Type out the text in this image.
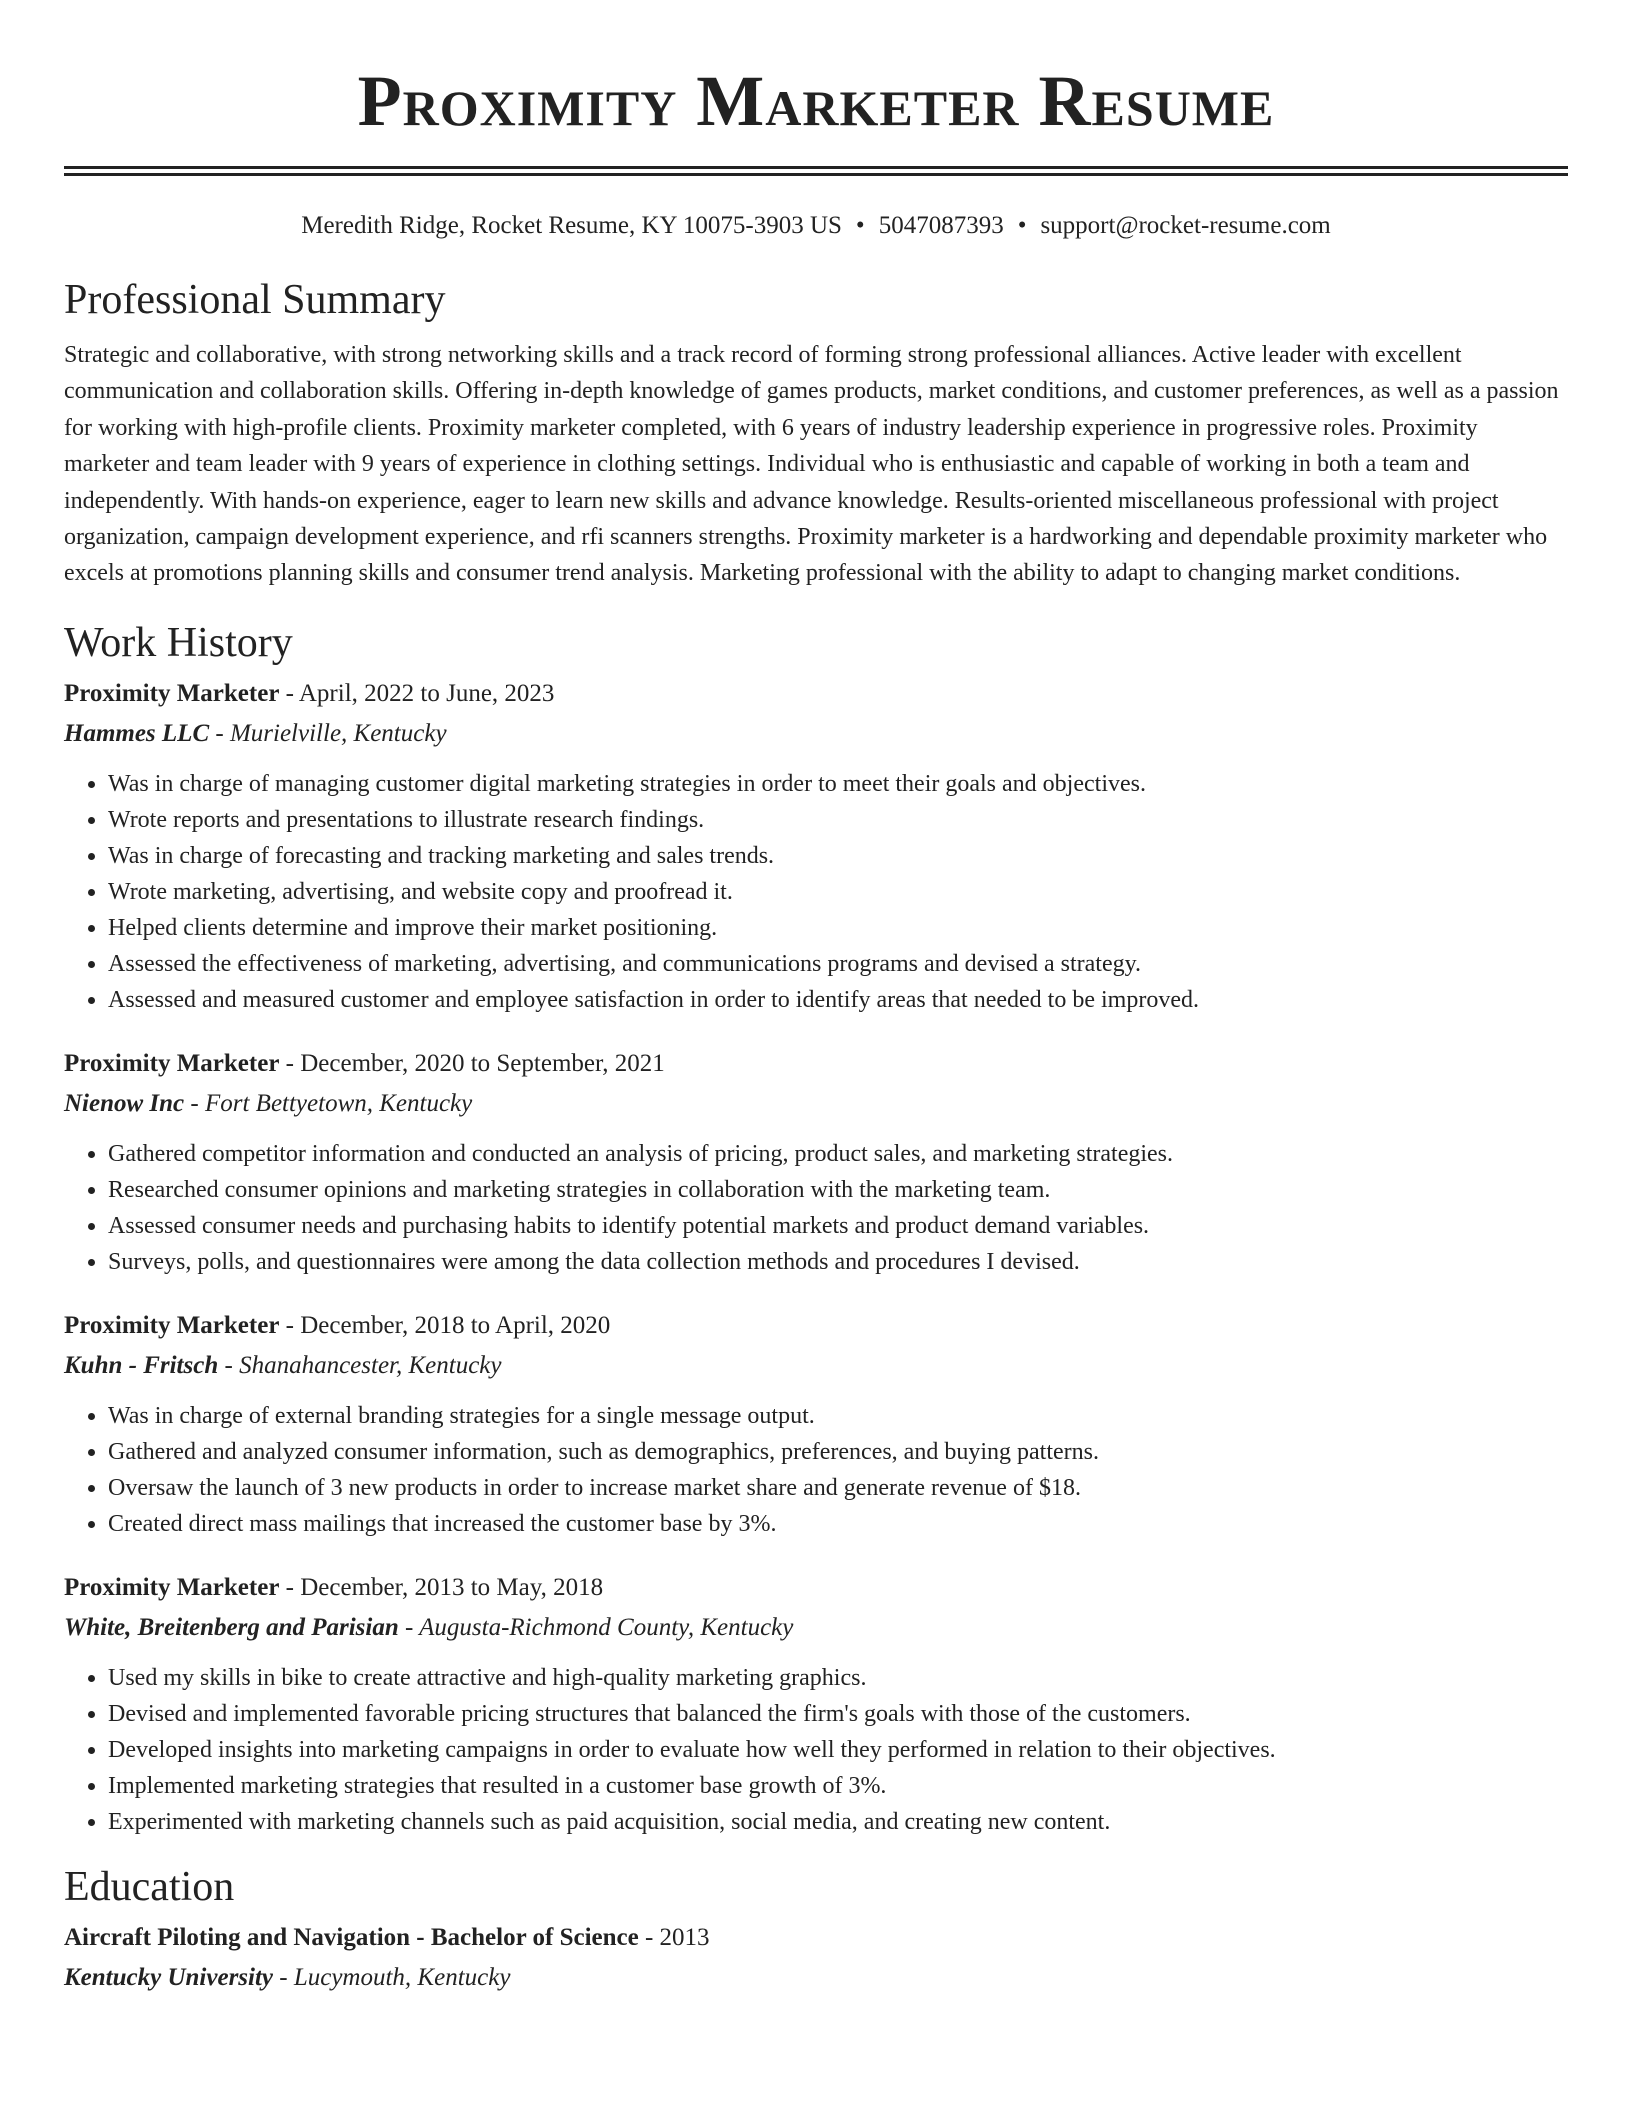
Proximity Marketer Resume
Meredith Ridge, Rocket Resume, KY 10075-3903 US • 5047087393 • support@rocket-resume.com
Professional Summary

Strategic and collaborative, with strong networking skills and a track record of forming strong professional alliances. Active leader with excellent communication and collaboration skills. Offering in-depth knowledge of games products, market conditions, and customer preferences, as well as a passion for working with high-profile clients. Proximity marketer completed, with 6 years of industry leadership experience in progressive roles. Proximity marketer and team leader with 9 years of experience in clothing settings. Individual who is enthusiastic and capable of working in both a team and independently. With hands-on experience, eager to learn new skills and advance knowledge. Results-oriented miscellaneous professional with project organization, campaign development experience, and rfi scanners strengths. Proximity marketer is a hardworking and dependable proximity marketer who excels at promotions planning skills and consumer trend analysis. Marketing professional with the ability to adapt to changing market conditions.

Work History
Proximity Marketer - April, 2022 to June, 2023
Hammes LLC - Murielville, Kentucky
• Was in charge of managing customer digital marketing strategies in order to meet their goals and objectives.
• Wrote reports and presentations to illustrate research findings.
• Was in charge of forecasting and tracking marketing and sales trends.
• Wrote marketing, advertising, and website copy and proofread it.
• Helped clients determine and improve their market positioning.
• Assessed the effectiveness of marketing, advertising, and communications programs and devised a strategy.
• Assessed and measured customer and employee satisfaction in order to identify areas that needed to be improved.
Proximity Marketer - December, 2020 to September, 2021
Nienow Inc - Fort Bettyetown, Kentucky
• Gathered competitor information and conducted an analysis of pricing, product sales, and marketing strategies.
• Researched consumer opinions and marketing strategies in collaboration with the marketing team.
• Assessed consumer needs and purchasing habits to identify potential markets and product demand variables.
• Surveys, polls, and questionnaires were among the data collection methods and procedures I devised.
Proximity Marketer - December, 2018 to April, 2020
Kuhn - Fritsch - Shanahancester, Kentucky
• Was in charge of external branding strategies for a single message output.
• Gathered and analyzed consumer information, such as demographics, preferences, and buying patterns.
• Oversaw the launch of 3 new products in order to increase market share and generate revenue of $18.
• Created direct mass mailings that increased the customer base by 3%.
Proximity Marketer - December, 2013 to May, 2018
White, Breitenberg and Parisian - Augusta-Richmond County, Kentucky
• Used my skills in bike to create attractive and high-quality marketing graphics.
• Devised and implemented favorable pricing structures that balanced the firm's goals with those of the customers.
• Developed insights into marketing campaigns in order to evaluate how well they performed in relation to their objectives.
• Implemented marketing strategies that resulted in a customer base growth of 3%.
• Experimented with marketing channels such as paid acquisition, social media, and creating new content.
Education
Aircraft Piloting and Navigation - Bachelor of Science - 2013
Kentucky University - Lucymouth, Kentucky
